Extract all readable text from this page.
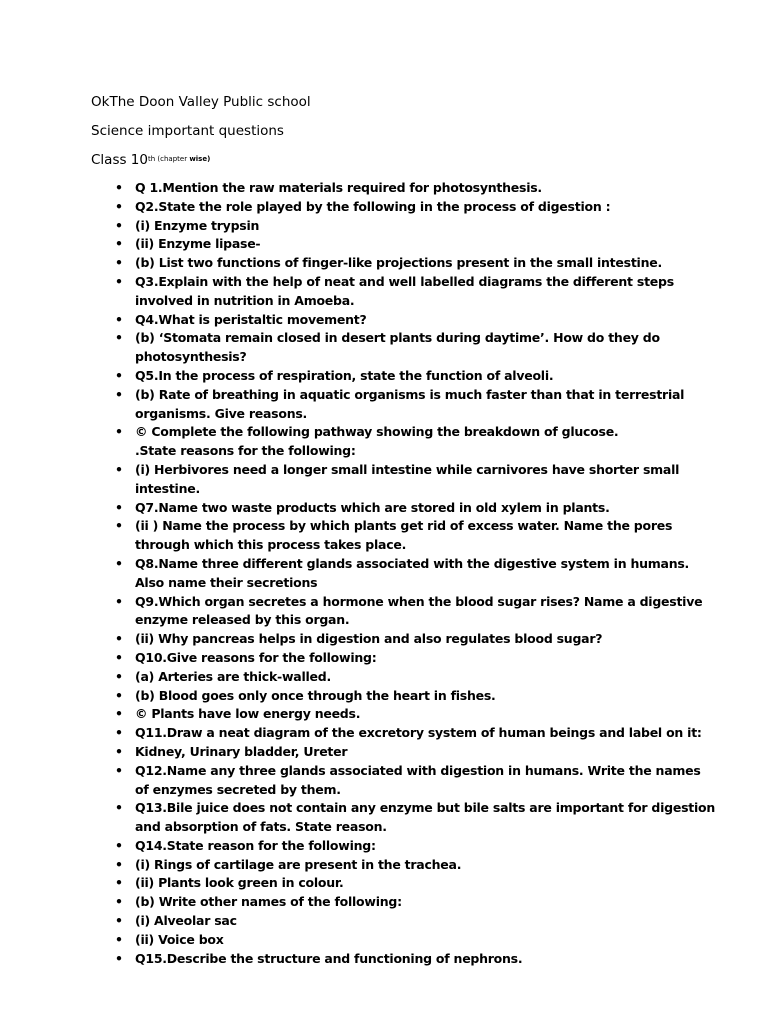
OkThe Doon Valley Public school
Science important questions
Class $10^{th (chapter wise)}$
• Q 1.Mention the raw materials required for photosynthesis.
• Q2.State the role played by the following in the process of digestion :
• (i) Enzyme trypsin
• (ii) Enzyme lipase-
• (b) List two functions of finger-like projections present in the small intestine.
• Q3.Explain with the help of neat and well labelled diagrams the different steps involved in nutrition in Amoeba.
• Q4.What is peristaltic movement?
• (b) ‘Stomata remain closed in desert plants during daytime’. How do they do photosynthesis?
• Q5.In the process of respiration, state the function of alveoli.
• (b) Rate of breathing in aquatic organisms is much faster than that in terrestrial organisms. Give reasons.
• © Complete the following pathway showing the breakdown of glucose.
.State reasons for the following:
• (i) Herbivores need a longer small intestine while carnivores have shorter small intestine.
• Q7.Name two waste products which are stored in old xylem in plants.
• (ii ) Name the process by which plants get rid of excess water. Name the pores through which this process takes place.
• Q8.Name three different glands associated with the digestive system in humans. Also name their secretions
• Q9.Which organ secretes a hormone when the blood sugar rises? Name a digestive enzyme released by this organ.
• (ii) Why pancreas helps in digestion and also regulates blood sugar?
• Q10.Give reasons for the following:
• (a) Arteries are thick-walled.
• (b) Blood goes only once through the heart in fishes.
• © Plants have low energy needs.
• Q11.Draw a neat diagram of the excretory system of human beings and label on it:
• Kidney, Urinary bladder, Ureter
• Q12.Name any three glands associated with digestion in humans. Write the names of enzymes secreted by them.
• Q13.Bile juice does not contain any enzyme but bile salts are important for digestion and absorption of fats. State reason.
• Q14.State reason for the following:
• (i) Rings of cartilage are present in the trachea.
• (ii) Plants look green in colour.
• (b) Write other names of the following:
• (i) Alveolar sac
• (ii) Voice box
• Q15.Describe the structure and functioning of nephrons.
